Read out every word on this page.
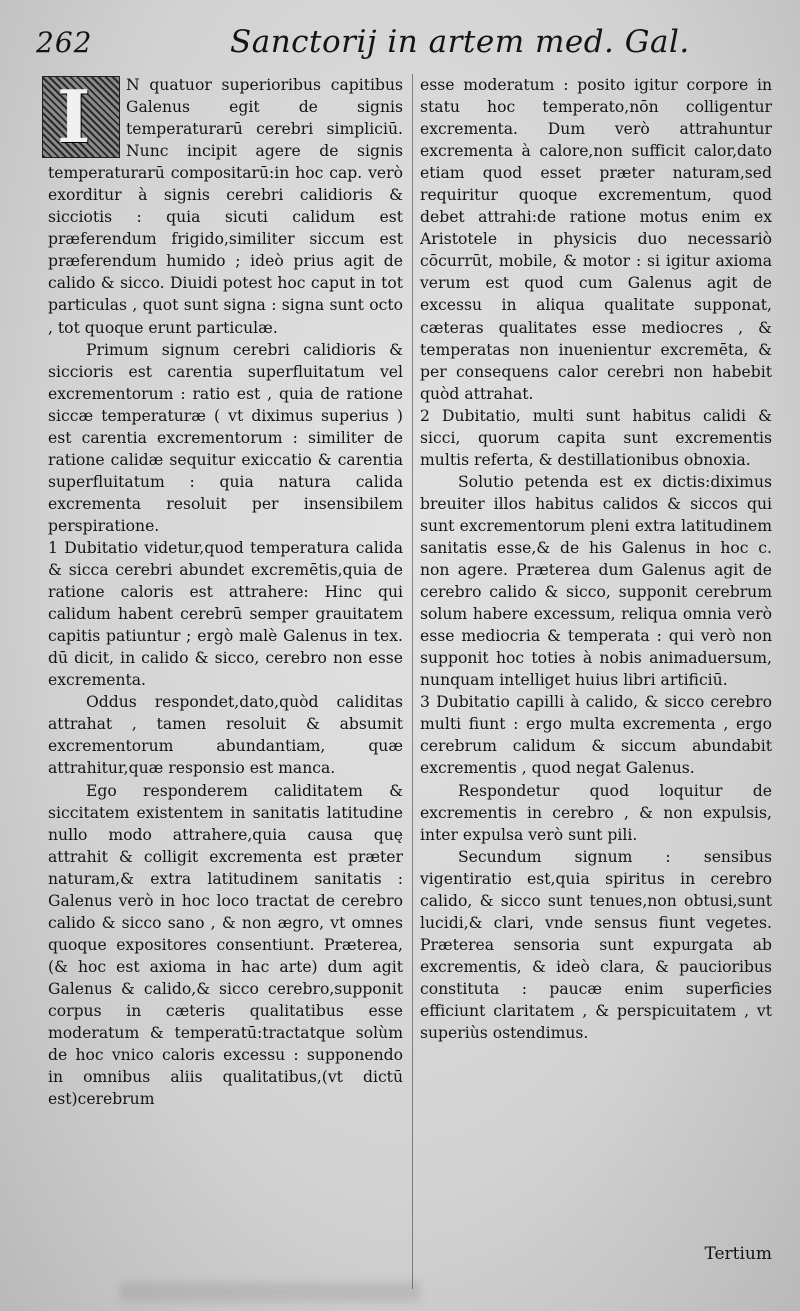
262	Sanctorij in artem med. Gal.
I	N quatuor superioribus capitibus Galenus egit de signis temperaturarū cerebri simpliciū. Nunc incipit agere de signis temperaturarū compositarū:in hoc cap. verò exorditur à signis cerebri calidioris & sicciotis : quia sicuti calidum est præferendum frigido,similiter siccum est præferendum humido ; ideò prius agit de calido & sicco. Diuidi potest hoc caput in tot particulas , quot sunt signa : signa sunt octo , tot quoque erunt particulæ.

Primum signum cerebri calidioris & siccioris est carentia superfluitatum vel excrementorum : ratio est , quia de ratione siccæ temperaturæ ( vt diximus superius ) est carentia excrementorum : similiter de ratione calidæ sequitur exiccatio & carentia superfluitatum : quia natura calida excrementa resoluit per insensibilem perspiratione.

1 Dubitatio videtur,quod temperatura calida & sicca cerebri abundet excremētis,quia de ratione caloris est attrahere: Hinc qui calidum habent cerebrū semper grauitatem capitis patiuntur ; ergò malè Galenus in tex. dū dicit, in calido & sicco, cerebro non esse excrementa.

Oddus respondet,dato,quòd caliditas attrahat , tamen resoluit & absumit excrementorum abundantiam, quæ attrahitur,quæ responsio est manca.

Ego responderem caliditatem & siccitatem existentem in sanitatis latitudine nullo modo attrahere,quia causa quę attrahit & colligit excrementa est præter naturam,& extra latitudinem sanitatis : Galenus verò in hoc loco tractat de cerebro calido & sicco sano , & non ægro, vt omnes quoque expositores consentiunt. Præterea,(& hoc est axioma in hac arte) dum agit Galenus & calido,& sicco cerebro,supponit corpus in cæteris qualitatibus esse moderatum & temperatū:tractatque solùm de hoc vnico caloris excessu : supponendo in omnibus aliis qualitatibus,(vt dictū est)cerebrum

esse moderatum : posito igitur corpore in statu hoc temperato,nōn colligentur excrementa. Dum verò attrahuntur excrementa à calore,non sufficit calor,dato etiam quod esset præter naturam,sed requiritur quoque excrementum, quod debet attrahi:de ratione motus enim ex Aristotele in physicis duo necessariò cōcurrūt, mobile, & motor : si igitur axioma verum est quod cum Galenus agit de excessu in aliqua qualitate supponat, cæteras qualitates esse mediocres , & temperatas non inuenientur excremēta, & per consequens calor cerebri non habebit quòd attrahat.

2 Dubitatio, multi sunt habitus calidi & sicci, quorum capita sunt excrementis multis referta, & destillationibus obnoxia.

Solutio petenda est ex dictis:diximus breuiter illos habitus calidos & siccos qui sunt excrementorum pleni extra latitudinem sanitatis esse,& de his Galenus in hoc c. non agere. Præterea dum Galenus agit de cerebro calido & sicco, supponit cerebrum solum habere excessum, reliqua omnia verò esse mediocria & temperata : qui verò non supponit hoc toties à nobis animaduersum, nunquam intelliget huius libri artificiū.

3 Dubitatio capilli à calido, & sicco cerebro multi fiunt : ergo multa excrementa , ergo cerebrum calidum & siccum abundabit excrementis , quod negat Galenus.

Respondetur quod loquitur de excrementis in cerebro , & non expulsis, inter expulsa verò sunt pili.

Secundum signum : sensibus vigentiratio est,quia spiritus in cerebro calido, & sicco sunt tenues,non obtusi,sunt lucidi,& clari, vnde sensus fiunt vegetes. Præterea sensoria sunt expurgata ab excrementis, & ideò clara, & paucioribus constituta : paucæ enim superficies efficiunt claritatem , & perspicuitatem , vt superiùs ostendimus.

Tertium
